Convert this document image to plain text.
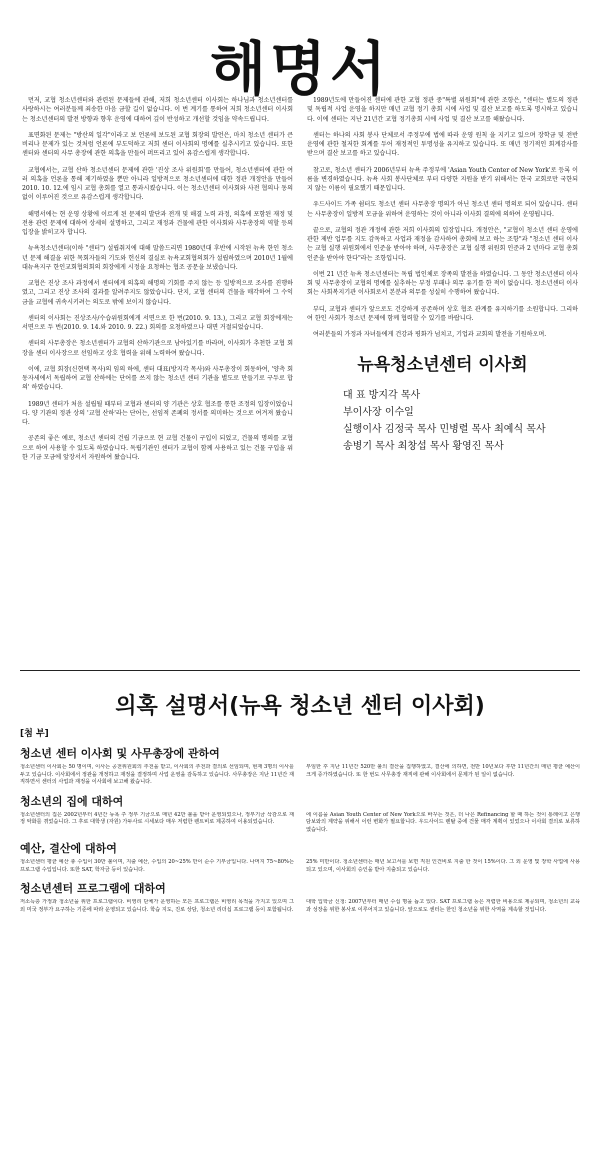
해명서

먼저, 교협 청소년센터와 관련된 문제들에 관해, 저희 청소년센터 이사회는 하나님과 청소년센터를 사랑하시는 여러분들께 죄송한 마음 금할 길이 없습니다. 이 번 계기를 통하여 저희 청소년센터 이사회는 청소년센터의 발전 방향과 향후 운영에 대하여 깊이 반성하고 개선할 것임을 약속드립니다.

표면화된 문제는 "방산의 일각"이라고 보 언론에 보도된 교협 회장의 발언은, 마치 청소년 센터가 큰 비리나 문제가 있는 것처럼 언론에 부도덕하고 저희 센터 이사회의 명예를 실추시키고 있습니다. 또한 센터와 센터의 사무 총장에 관한 의혹을 만들어 퍼뜨리고 있어 유감스럽게 생각합니다.

교협에서는, 교협 산하 청소년센터 문제에 관한 '진상 조사 위원회'를 만들어, 청소년센터에 관한 여러 의혹을 언론을 통해 제기하였을 뿐만 아니라 일방적으로 청소년센터에 대한 정관 개정안을 만들어 2010. 10. 12.에 임시 교협 총회를 열고 통과시켰습니다. 이는 청소년센터 이사회와 사전 협의나 동의 없이 이루어진 것으로 유감스럽게 생각합니다.

해명서에는 현 운영 상황에 이르게 된 문제의 발단과 전개 및 해결 노력 과정, 의혹에 포함된 재정 및 전용 관련 문제에 대하여 상세히 설명하고, 그리고 재정과 건물에 관한 이사회와 사무총장의 역할 등의 입장을 밝히고자 합니다.

뉴욕청소년센터(이하 "센터") 설립취지에 대해 말씀드리면 1980년대 후반에 시작된 뉴욕 한인 청소년 문제 해결을 위한 목회자들의 기도와 헌신의 결실로 뉴욕교회협의회가 설립하였으며 2010년 1월에 대뉴욕지구 한인교회협의회의 회장에게 시정을 요청하는 협조 공문을 보냈습니다.

교협은 진상 조사 과정에서 센터에게 의혹의 해명의 기회를 주지 않는 등 일방적으로 조사를 진행하였고, 그리고 진상 조사의 결과를 알려주지도 않았습니다. 단지, 교협 센터의 건물을 매각하여 그 수익금을 교협에 귀속시키려는 의도로 밖에 보이지 않습니다.

센터의 이사회는 진상조사/수습위원회에게 서면으로 한 번(2010. 9. 13.), 그리고 교협 회장에게는 서면으로 두 번(2010. 9. 14.와 2010. 9. 22.) 회의를 요청하였으나 대면 거절되었습니다.

센터의 사무총장은 청소년센터가 교협의 산하기관으로 남아있기를 바라며, 이사회가 추천한 교협 회장을 센터 이사장으로 선임하고 상호 협력을 위해 노력하여 왔습니다.

이에, 교협 회장(신현택 목사)의 임의 하에, 센터 대표(방지각 목사)와 사무총장이 회동하여, '양측 회동자세에서 독립하여 교협 산하에는 단어를 쓰지 않는 청소년 센터 기관을 별도로 만들기로 구두로 합의' 하였습니다.

1989년 센터가 처음 설립될 때부터 교협과 센터의 양 기관은 상호 협조를 통한 조정의 입장이었습니다. 양 기관의 정관 상의 '교협 산하'라는 단어는, 선임적 존폐의 정서를 의미하는 것으로 여겨져 왔습니다.

공존의 좋은 예로, 청소년 센터의 건립 기금으로 현 교협 건물이 구입이 되었고, 건물의 명의를 교협으로 하여 사용할 수 있도록 하였습니다. 독립기관인 센터가 교협이 함께 사용하고 있는 건물 구입을 위한 기금 모금에 앞장서서 자원하여 왔습니다.

1989년도에 만들어진 센터에 관한 교협 정관 중"특별 위원회"에 관한 조항은, "센터는 별도의 정관 및 독립적 사업 운영을 하지만 매년 교협 정기 총회 시에 사업 및 결산 보고를 하도록 명시하고 있습니다. 이에 센터는 지난 21년간 교협 정기총회 시에 사업 및 결산 보고를 해왔습니다.

센터는 하나의 사회 봉사 단체로서 주정부에 법에 따라 운영 원칙 을 지키고 있으며 장학금 및 전반 운영에 관한 철저한 회계를 두어 재정적인 투명성을 유지하고 있습니다. 또 매년 정기적인 회계감사를 받으며 결산 보고를 하고 있습니다.

참고로, 청소년 센터가 2006년부터 뉴욕 주정부에 'Asian Youth Center of New York'로 등록 이름을 변경하였습니다. 뉴욕 사회 봉사단체로 부터 다양한 지원을 받기 위해서는 한국 교회로만 국한되지 않는 이름이 필요했기 때문입니다.

우드사이드 가족 쉼터도 청소년 센터 사무총장 명의가 아닌 청소년 센터 명의로 되어 있습니다. 센터는 사무총장이 일방적 모금을 위하여 운영하는 것이 아니라 이사회 결의에 의하여 운영됩니다.

끝으로, 교협의 정관 개정에 관한 저희 이사회의 입장입니다. 개정안은, "교협이 청소년 센터 운영에 관한 제반 업무를 지도 감독하고 사업과 재정을 감사하여 총회에 보고 하는 조항"과 "청소년 센터 이사는 교협 실행 위원회에서 인준을 받아야 하며, 사무총장은 교협 실행 위원회 인준과 2 년마다 교협 총회 인준을 받아야 한다"라는 조항입니다.

이번 21 년간 뉴욕 청소년센터는 독립 법인체로 장족의 발전을 하였습니다. 그 동안 청소년센터 이사회 및 사무총장이 교협의 명예를 실추하는 부정 부패나 의무 유기를 한 적이 없습니다. 청소년센터 이사회는 사회복지기관 이사회로서 본분과 의무를 성실히 수행하여 왔습니다.

부디, 교협과 센터가 앞으로도 건강하게 공존하며 상호 협조 관계를 유지하기를 소원합니다. 그리하여 한인 사회가 청소년 문제에 함께 협력할 수 있기를 바랍니다.

여러분들의 가정과 자녀들에게 건강과 평화가 넘치고, 기업과 교회의 발전을 기원하오며.

뉴욕청소년센터 이사회
대 표 방지각 목사
부이사장 이수일
실행이사 김정국 목사 민병렬 목사 최예식 목사
송병기 목사 최창섭 목사 황영진 목사
의혹 설명서(뉴욕 청소년 센터 이사회)
[첨 부]
청소년 센터 이사회 및 사무총장에 관하여
청소년센터 이사회는 50 명이며, 이사는 공천위원회의 추천을 받고, 이사회의 추천과 결의로 선임되며, 현재 3명의 이사를 두고 있습니다. 이사회에서 정관을 개정하고 재정을 결정하며 사업 운영을 감독하고 있습니다. 사무총장은 지난 11년간 재직하면서 센터의 사업과 재정을 이사회에 보고해 왔습니다.
부임한 후 지난 11년간 520만 불의 결산을 집행하였고, 결산에 의하면, 전반 10년보다 후반 11년간의 매년 평균 예산이 크게 증가하였습니다. 또 한 번도 사무총장 재직에 관해 이사회에서 문제가 된 일이 없습니다.
청소년의 집에 대하여
청소년센터의 집은 2002년부터 4년간 뉴욕 주 정부 기금으로 매년 42만 불을 받아 운영되었으나, 정부기금 삭감으로 재정 악화를 겪었습니다. 그 후로 대학생 (자원) 가두사로 시세보다 매우 저렴한 렌트비로 제공하여 이용되었습니다.
에 이름을 Asian Youth Center of New York으로 바꾸는 것은, 더 나은 Refinancing 할 때 하는 것이 통례이고 은행 담보와의 계약을 위해서 이런 변화가 필요합니다. 우드사이드 렌탈 중에 건물 매각 계획이 있었으나 이사회 결의로 보류하였습니다.
예산, 결산에 대하여
청소년센터 평균 예산 총 수입이 30만 불이며, 지출 예산, 수입의 20~25% 만이 순수 기부금입니다. 나머지 75~80%는 프로그램 수입입니다. 또한 SAT, 학자금 등이 있습니다.
25% 미만이다. 청소년센터는 매년 보고서를 보면 직원 인건비로 지출 한 것이 15%이다. 그 외 운영 및 장학 사업에 사용되고 있으며, 이사회의 승인을 받아 지출되고 있습니다.
청소년센터 프로그램에 대하여
저소득층 가정과 청소년을 위한 프로그램이다. 비영리 단체가 운영하는 모든 프로그램은 비영리 목적을 가지고 있으며 그 외 미국 정부가 요구하는 기준에 따라 운영되고 있습니다. 학습 지도, 진로 상담, 청소년 리더십 프로그램 등이 포함됩니다.
대학 입학금 신청: 2007년부터 매년 수십 명을 돕고 있다. SAT 프로그램 등은 저렴한 비용으로 제공되며, 청소년의 교육과 성장을 위한 봉사로 이루어지고 있습니다. 앞으로도 센터는 한인 청소년을 위한 사역을 계속할 것입니다.
